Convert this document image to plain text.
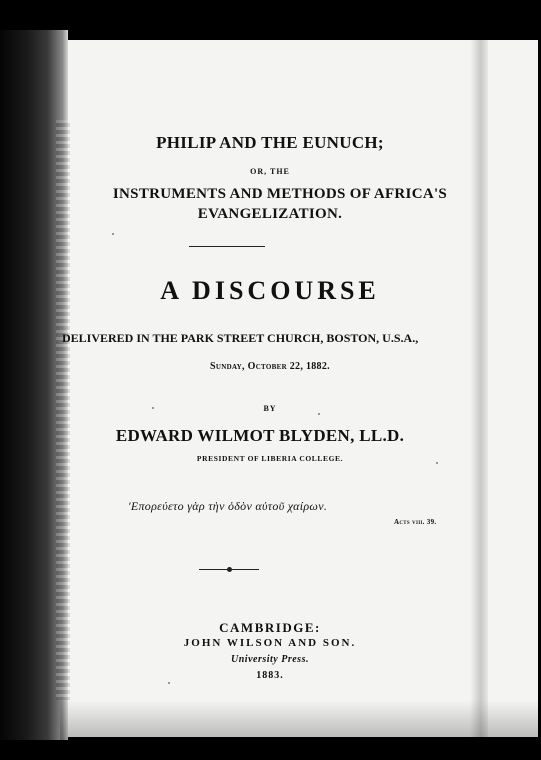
PHILIP AND THE EUNUCH;
OR, THE
INSTRUMENTS AND METHODS OF AFRICA'S
EVANGELIZATION.
A DISCOURSE
DELIVERED IN THE PARK STREET CHURCH, BOSTON, U.S.A.,
Sunday, October 22, 1882.
BY
EDWARD WILMOT BLYDEN, LL.D.
PRESIDENT OF LIBERIA COLLEGE.
'Επορεύετο γὰρ τὴν ὁδὸν αὐτοῦ χαίρων.
Acts viii. 39.
CAMBRIDGE:
JOHN WILSON AND SON.
University Press.
1883.
